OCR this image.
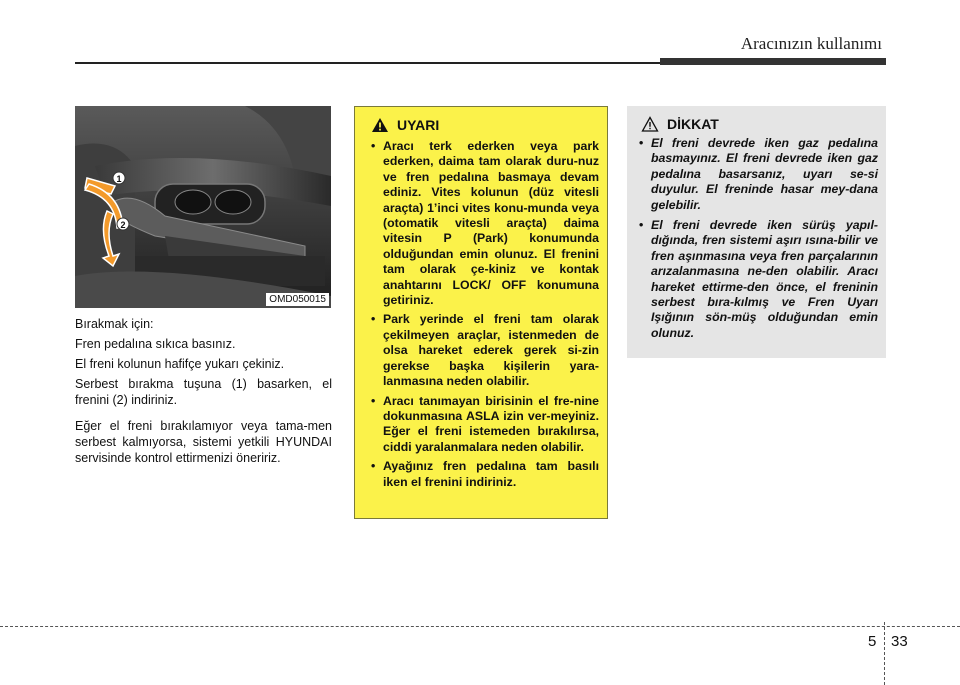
Aracınızın kullanımı
1
2
OMD050015

Bırakmak için:

Fren pedalına sıkıca basınız.

El freni kolunun hafifçe yukarı çekiniz.

Serbest bırakma tuşuna (1) basarken, el frenini (2) indiriniz.

Eğer el freni bırakılamıyor veya tama-men serbest kalmıyorsa, sistemi yetkili HYUNDAI servisinde kontrol ettirmenizi öneririz.

UYARI
• Aracı terk ederken veya park ederken, daima tam olarak duru-nuz ve fren pedalına basmaya devam ediniz. Vites kolunun (düz vitesli araçta) 1’inci vites konu-munda veya (otomatik vitesli araçta) daima vitesin P (Park) konumunda olduğundan emin olunuz. El frenini tam olarak çe-kiniz ve kontak anahtarını LOCK/ OFF konumuna getiriniz.
• Park yerinde el freni tam olarak çekilmeyen araçlar, istenmeden de olsa hareket ederek gerek si-zin gerekse başka kişilerin yara-lanmasına neden olabilir.
• Aracı tanımayan birisinin el fre-nine dokunmasına ASLA izin ver-meyiniz. Eğer el freni istemeden bırakılırsa, ciddi yaralanmalara neden olabilir.
• Ayağınız fren pedalına tam basılı iken el frenini indiriniz.
DİKKAT
• El freni devrede iken gaz pedalına basmayınız. El freni devrede iken gaz pedalına basarsanız, uyarı se-si duyulur. El freninde hasar mey-dana gelebilir.
• El freni devrede iken sürüş yapıl-dığında, fren sistemi aşırı ısına-bilir ve fren aşınmasına veya fren parçalarının arızalanmasına ne-den olabilir. Aracı hareket ettirme-den önce, el freninin serbest bıra-kılmış ve Fren Uyarı Işığının sön-müş olduğundan emin olunuz.
5 33
